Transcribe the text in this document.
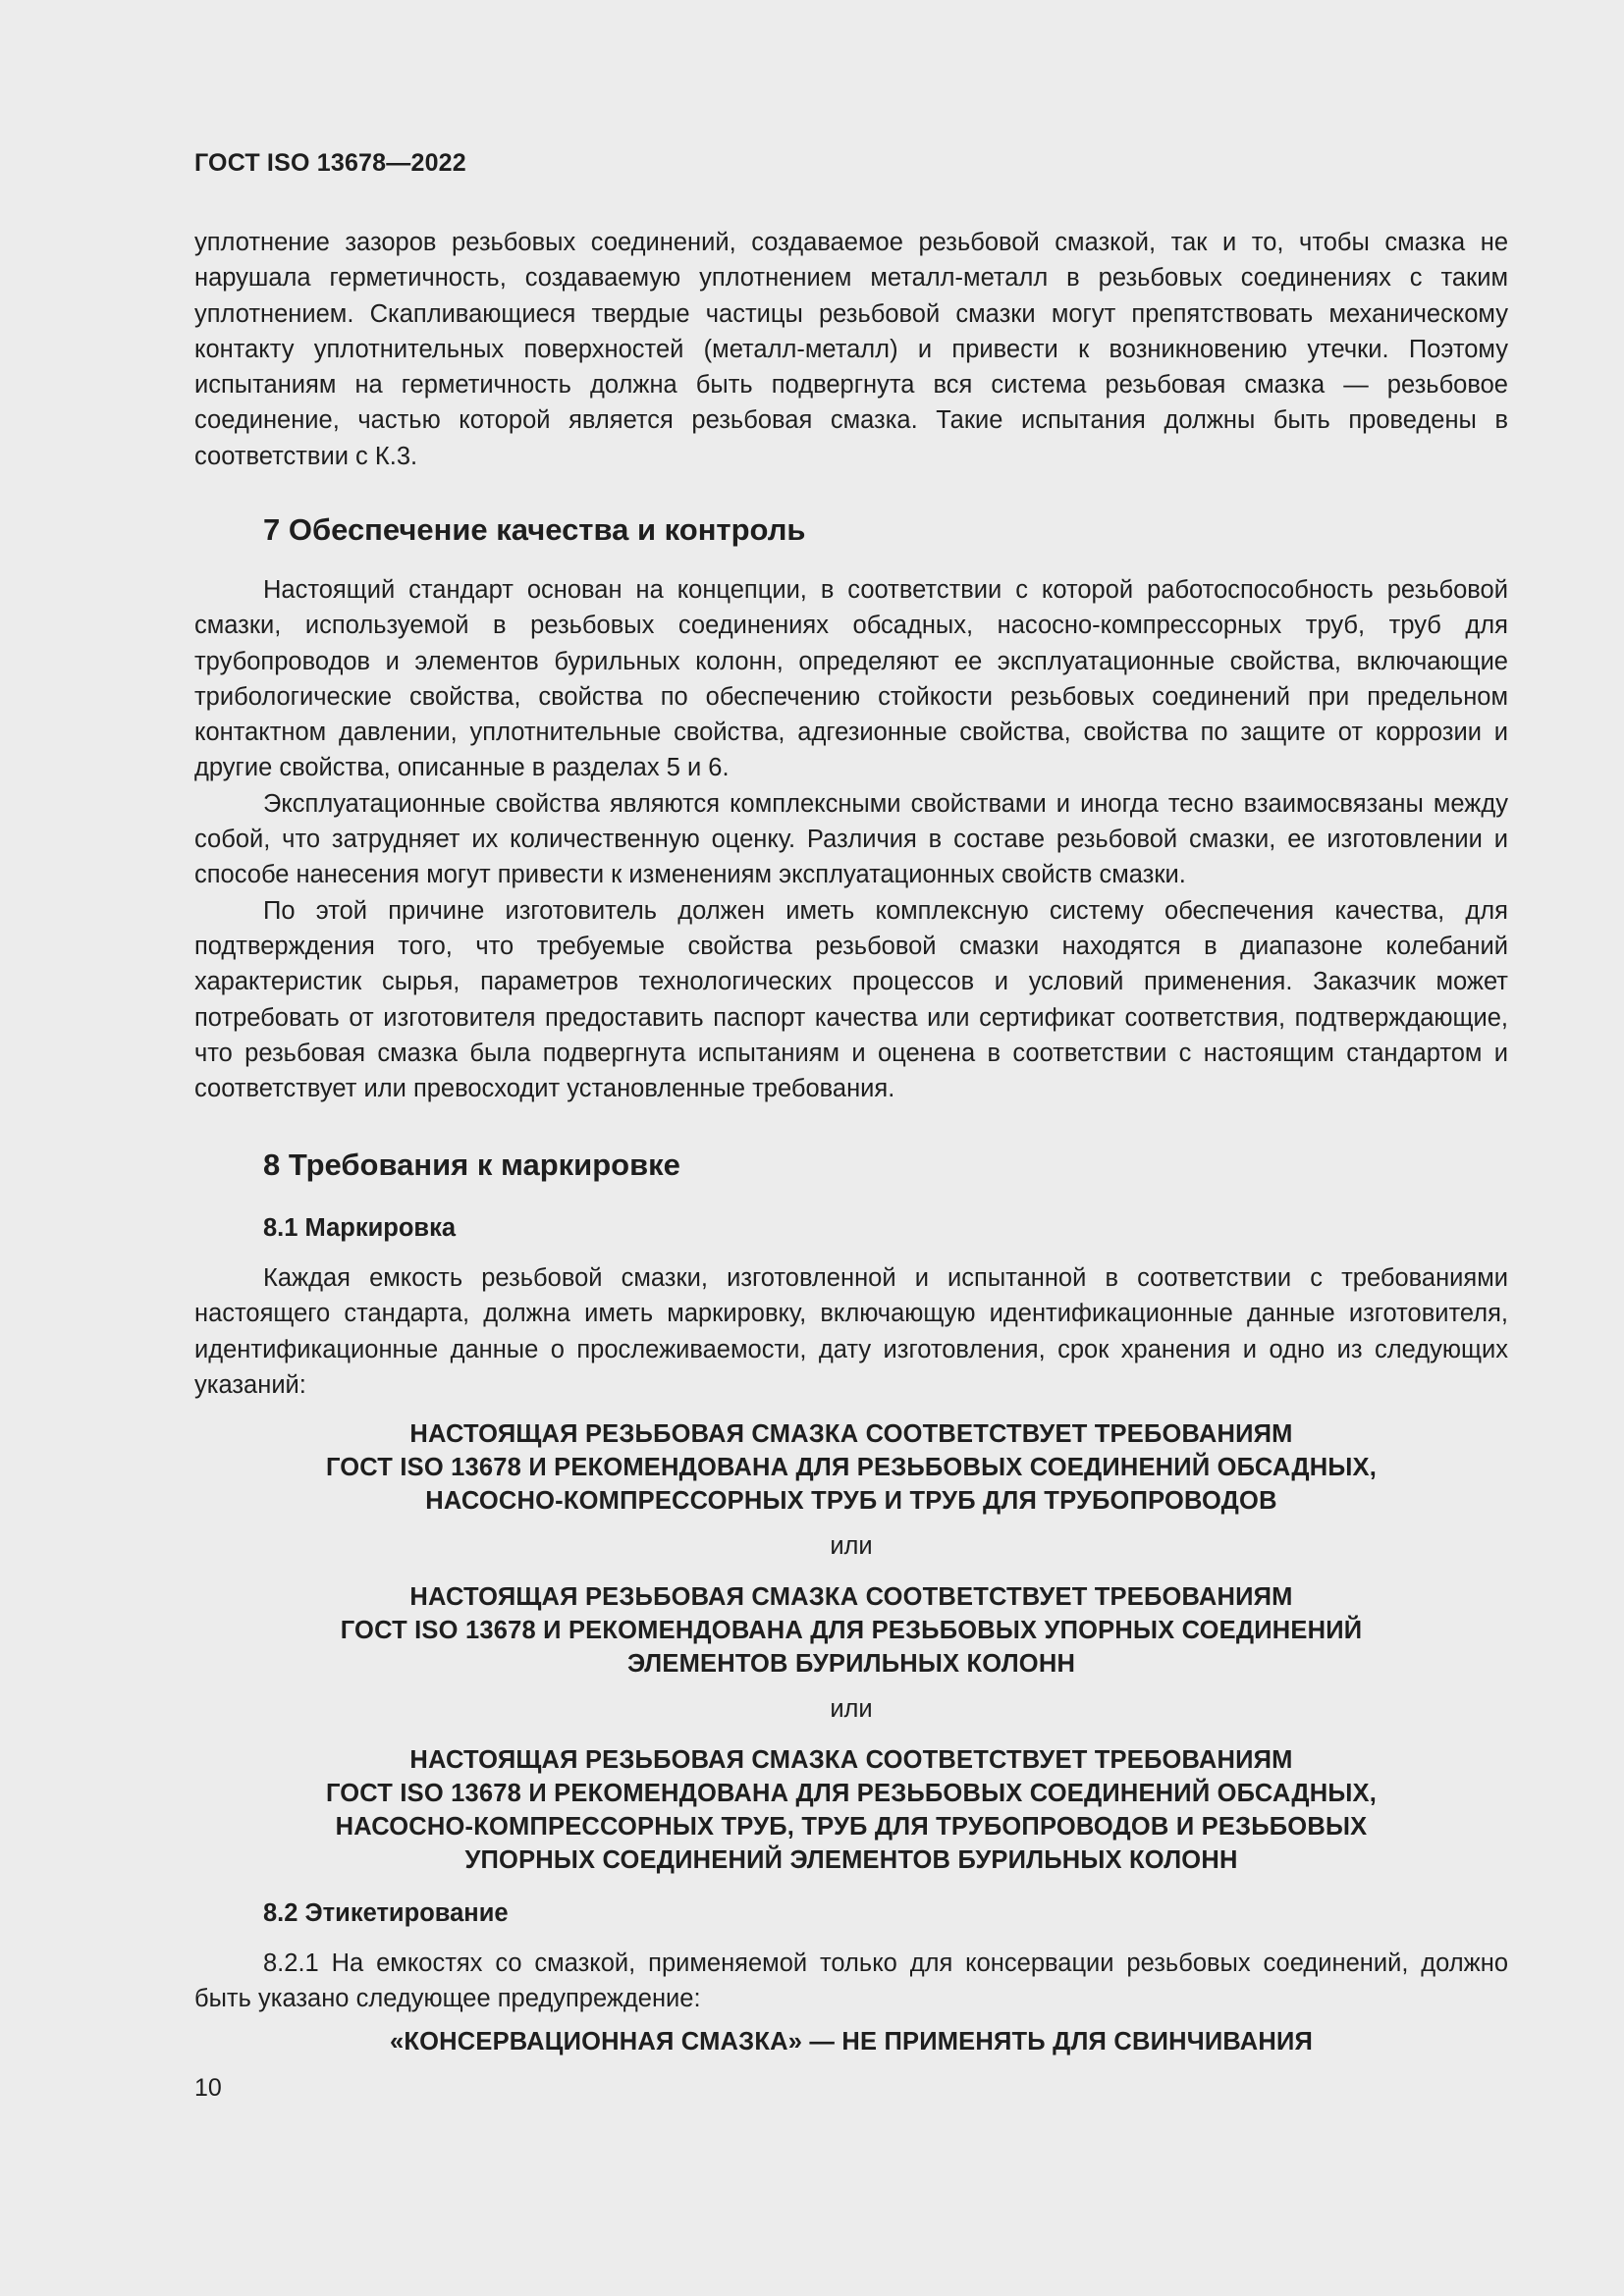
ГОСТ ISO 13678—2022

уплотнение зазоров резьбовых соединений, создаваемое резьбовой смазкой, так и то, чтобы смазка не нарушала герметичность, создаваемую уплотнением металл-металл в резьбовых соединениях с таким уплотнением. Скапливающиеся твердые частицы резьбовой смазки могут препятствовать механическому контакту уплотнительных поверхностей (металл-металл) и привести к возникновению утечки. Поэтому испытаниям на герметичность должна быть подвергнута вся система резьбовая смазка — резьбовое соединение, частью которой является резьбовая смазка. Такие испытания должны быть проведены в соответствии с К.3.

7 Обеспечение качества и контроль

Настоящий стандарт основан на концепции, в соответствии с которой работоспособность резьбовой смазки, используемой в резьбовых соединениях обсадных, насосно-компрессорных труб, труб для трубопроводов и элементов бурильных колонн, определяют ее эксплуатационные свойства, включающие трибологические свойства, свойства по обеспечению стойкости резьбовых соединений при предельном контактном давлении, уплотнительные свойства, адгезионные свойства, свойства по защите от коррозии и другие свойства, описанные в разделах 5 и 6.

Эксплуатационные свойства являются комплексными свойствами и иногда тесно взаимосвязаны между собой, что затрудняет их количественную оценку. Различия в составе резьбовой смазки, ее изготовлении и способе нанесения могут привести к изменениям эксплуатационных свойств смазки.

По этой причине изготовитель должен иметь комплексную систему обеспечения качества, для подтверждения того, что требуемые свойства резьбовой смазки находятся в диапазоне колебаний характеристик сырья, параметров технологических процессов и условий применения. Заказчик может потребовать от изготовителя предоставить паспорт качества или сертификат соответствия, подтверждающие, что резьбовая смазка была подвергнута испытаниям и оценена в соответствии с настоящим стандартом и соответствует или превосходит установленные требования.

8 Требования к маркировке
8.1 Маркировка

Каждая емкость резьбовой смазки, изготовленной и испытанной в соответствии с требованиями настоящего стандарта, должна иметь маркировку, включающую идентификационные данные изготовителя, идентификационные данные о прослеживаемости, дату изготовления, срок хранения и одно из следующих указаний:

НАСТОЯЩАЯ РЕЗЬБОВАЯ СМАЗКА СООТВЕТСТВУЕТ ТРЕБОВАНИЯМ
ГОСТ ISO 13678 И РЕКОМЕНДОВАНА ДЛЯ РЕЗЬБОВЫХ СОЕДИНЕНИЙ ОБСАДНЫХ,
НАСОСНО-КОМПРЕССОРНЫХ ТРУБ И ТРУБ ДЛЯ ТРУБОПРОВОДОВ
или
НАСТОЯЩАЯ РЕЗЬБОВАЯ СМАЗКА СООТВЕТСТВУЕТ ТРЕБОВАНИЯМ
ГОСТ ISO 13678 И РЕКОМЕНДОВАНА ДЛЯ РЕЗЬБОВЫХ УПОРНЫХ СОЕДИНЕНИЙ
ЭЛЕМЕНТОВ БУРИЛЬНЫХ КОЛОНН
или
НАСТОЯЩАЯ РЕЗЬБОВАЯ СМАЗКА СООТВЕТСТВУЕТ ТРЕБОВАНИЯМ
ГОСТ ISO 13678 И РЕКОМЕНДОВАНА ДЛЯ РЕЗЬБОВЫХ СОЕДИНЕНИЙ ОБСАДНЫХ,
НАСОСНО-КОМПРЕССОРНЫХ ТРУБ, ТРУБ ДЛЯ ТРУБОПРОВОДОВ И РЕЗЬБОВЫХ
УПОРНЫХ СОЕДИНЕНИЙ ЭЛЕМЕНТОВ БУРИЛЬНЫХ КОЛОНН
8.2 Этикетирование

8.2.1 На емкостях со смазкой, применяемой только для консервации резьбовых соединений, должно быть указано следующее предупреждение:

«КОНСЕРВАЦИОННАЯ СМАЗКА» — НЕ ПРИМЕНЯТЬ ДЛЯ СВИНЧИВАНИЯ
10
